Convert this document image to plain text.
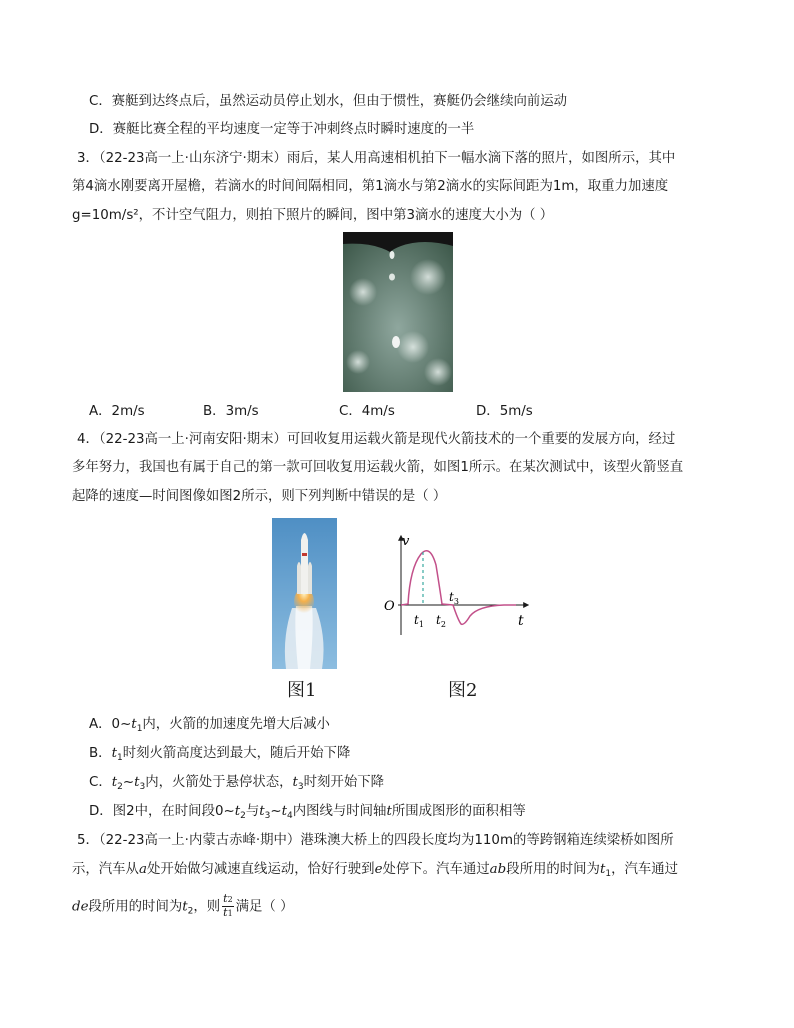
C．赛艇到达终点后，虽然运动员停止划水，但由于惯性，赛艇仍会继续向前运动
D．赛艇比赛全程的平均速度一定等于冲刺终点时瞬时速度的一半
3．（22-23高一上·山东济宁·期末）雨后，某人用高速相机拍下一幅水滴下落的照片，如图所示，其中
第4滴水刚要离开屋檐，若滴水的时间间隔相同，第1滴水与第2滴水的实际间距为1m，取重力加速度
g=10m/s²，不计空气阻力，则拍下照片的瞬间，图中第3滴水的速度大小为（ ）
A．2m/s	B．3m/s	C．4m/s	D．5m/s
4．（22-23高一上·河南安阳·期末）可回收复用运载火箭是现代火箭技术的一个重要的发展方向，经过
多年努力，我国也有属于自己的第一款可回收复用运载火箭，如图1所示。在某次测试中，该型火箭竖直
起降的速度—时间图像如图2所示，则下列判断中错误的是（ ）
图1
v
O
t
$t_1$ $t_2$
$t_3$
图2
A．$0\sim t_1$内，火箭的加速度先增大后减小
B．$t_1$时刻火箭高度达到最大，随后开始下降
C．$t_2\sim t_3$内，火箭处于悬停状态，$t_3$时刻开始下降
D．图2中，在时间段$0\sim t_2$与$t_3\sim t_4$内图线与时间轴t所围成图形的面积相等
5．（22-23高一上·内蒙古赤峰·期中）港珠澳大桥上的四段长度均为110m的等跨钢箱连续梁桥如图所
示，汽车从a处开始做匀减速直线运动，恰好行驶到e处停下。汽车通过ab段所用的时间为$t_1$，汽车通过
de段所用的时间为$t_2$，则 $\frac{t2}{t1}$ 满足（ ）
